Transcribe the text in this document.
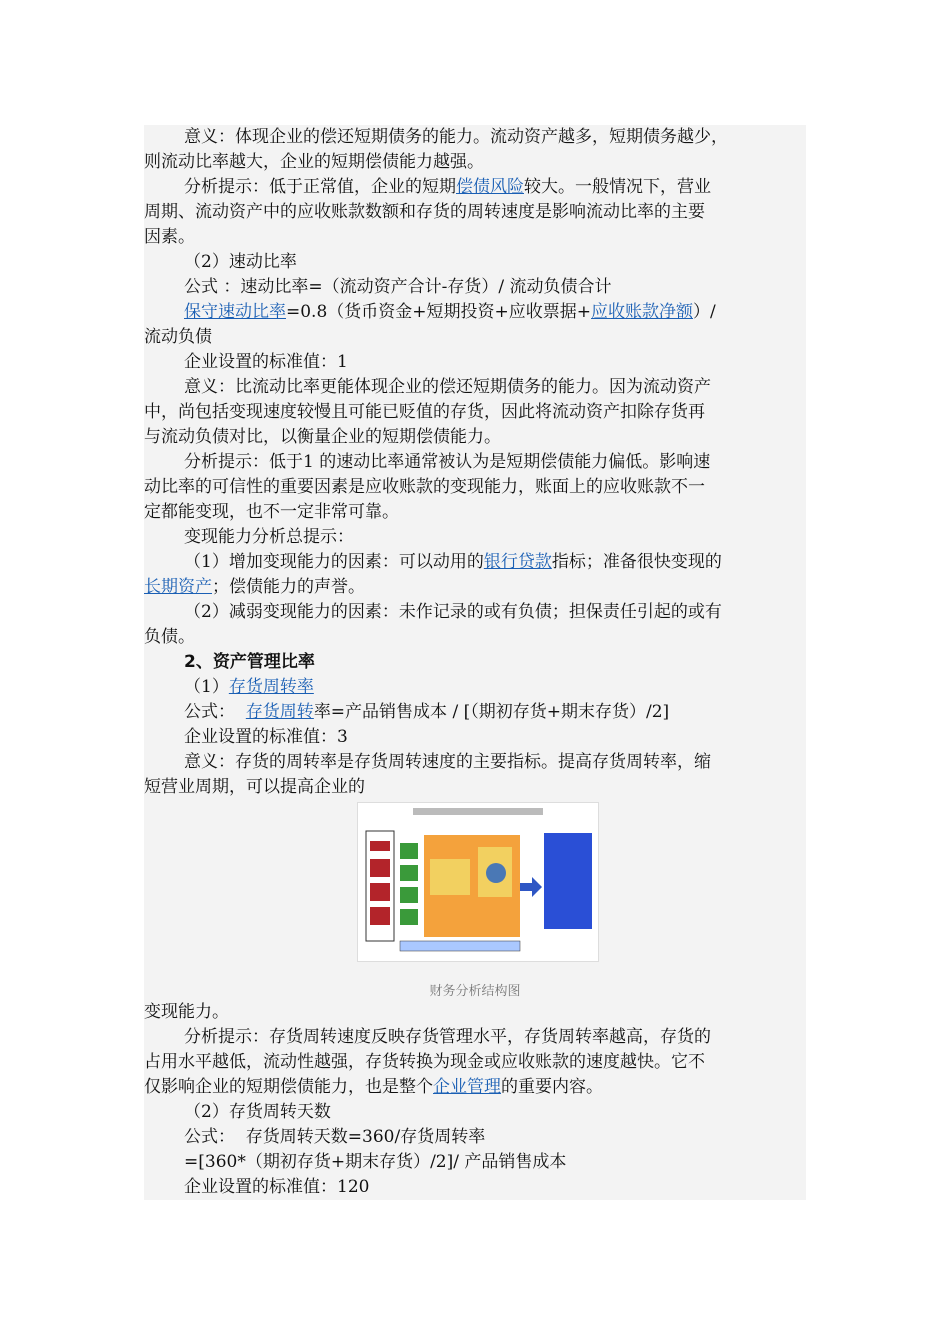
意义：体现企业的偿还短期债务的能力。流动资产越多，短期债务越少，
则流动比率越大，企业的短期偿债能力越强。
分析提示：低于正常值，企业的短期偿债风险较大。一般情况下，营业
周期、流动资产中的应收账款数额和存货的周转速度是影响流动比率的主要
因素。
（2）速动比率
公式 ：速动比率=（流动资产合计-存货）/ 流动负债合计
保守速动比率=0.8（货币资金+短期投资+应收票据+应收账款净额）/
流动负债
企业设置的标准值：1
意义：比流动比率更能体现企业的偿还短期债务的能力。因为流动资产
中，尚包括变现速度较慢且可能已贬值的存货，因此将流动资产扣除存货再
与流动负债对比，以衡量企业的短期偿债能力。
分析提示：低于1 的速动比率通常被认为是短期偿债能力偏低。影响速
动比率的可信性的重要因素是应收账款的变现能力，账面上的应收账款不一
定都能变现，也不一定非常可靠。
变现能力分析总提示：
（1）增加变现能力的因素：可以动用的银行贷款指标；准备很快变现的
长期资产；偿债能力的声誉。
（2）减弱变现能力的因素：未作记录的或有负债；担保责任引起的或有
负债。
2、资产管理比率
（1）存货周转率
公式：  存货周转率=产品销售成本 / [（期初存货+期末存货）/2]
企业设置的标准值：3
意义：存货的周转率是存货周转速度的主要指标。提高存货周转率，缩
短营业周期，可以提高企业的
财务分析结构图
变现能力。
分析提示：存货周转速度反映存货管理水平，存货周转率越高，存货的
占用水平越低，流动性越强，存货转换为现金或应收账款的速度越快。它不
仅影响企业的短期偿债能力，也是整个企业管理的重要内容。
（2）存货周转天数
公式：  存货周转天数=360/存货周转率
=[360*（期初存货+期末存货）/2]/ 产品销售成本
企业设置的标准值：120
